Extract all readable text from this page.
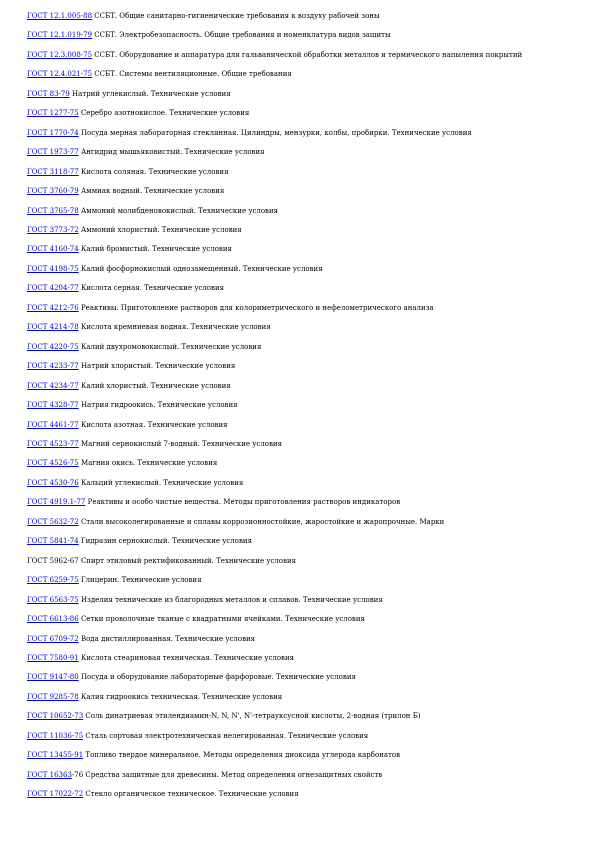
ГОСТ 12.1.005-88 ССБТ. Общие санитарно-гигиенические требования к воздуху рабочей зоны
ГОСТ 12.1.019-79 ССБТ. Электробезопасность. Общие требования и номенклатура видов защиты
ГОСТ 12.3.008-75 ССБТ. Оборудование и аппаратура для гальванической обработки металлов и термического напыления покрытий
ГОСТ 12.4.021-75 ССБТ. Системы вентиляционные. Общие требования
ГОСТ 83-79 Натрий углекислый. Технические условия
ГОСТ 1277-75 Серебро азотнокислое. Технические условия
ГОСТ 1770-74 Посуда мерная лабораторная стеклянная. Цилиндры, мензурки, колбы, пробирки. Технические условия
ГОСТ 1973-77 Ангидрид мышьяковистый. Технические условия
ГОСТ 3118-77 Кислота соляная. Технические условия
ГОСТ 3760-79 Аммиак водный. Технические условия
ГОСТ 3765-78 Аммоний молибденовокислый. Технические условия
ГОСТ 3773-72 Аммоний хлористый. Технические условия
ГОСТ 4160-74 Калий бромистый. Технические условия
ГОСТ 4198-75 Калий фосфорнокислый однозамещенный. Технические условия
ГОСТ 4204-77 Кислота серная. Технические условия
ГОСТ 4212-76 Реактивы. Приготовление растворов для колориметрического и нефелометрического анализа
ГОСТ 4214-78 Кислота кремниевая водная. Технические условия
ГОСТ 4220-75 Калий двухромовокислый. Технические условия
ГОСТ 4233-77 Натрий хлористый. Технические условия
ГОСТ 4234-77 Калий хлористый. Технические условия
ГОСТ 4328-77 Натрия гидроокись. Технические условия
ГОСТ 4461-77 Кислота азотная. Технические условия
ГОСТ 4523-77 Магний сернокислый 7-водный. Технические условия
ГОСТ 4526-75 Магния окись. Технические условия
ГОСТ 4530-76 Кальций углекислый. Технические условия
ГОСТ 4919.1-77 Реактивы и особо чистые вещества. Методы приготовления растворов индикаторов
ГОСТ 5632-72 Стали высоколегированные и сплавы коррозионностойкие, жаростойкие и жаропрочные. Марки
ГОСТ 5841-74 Гидразин сернокислый. Технические условия
ГОСТ 5962-67 Спирт этиловый ректификованный. Технические условия
ГОСТ 6259-75 Глицерин. Технические условия
ГОСТ 6563-75 Изделия технические из благородных металлов и сплавов. Технические условия
ГОСТ 6613-86 Сетки проволочные тканые с квадратными ячейками. Технические условия
ГОСТ 6709-72 Вода дистиллированная. Технические условия
ГОСТ 7580-91 Кислота стеариновая техническая. Технические условия
ГОСТ 9147-80 Посуда и оборудование лабораторные фарфоровые. Технические условия
ГОСТ 9285-78 Калия гидроокись техническая. Технические условия
ГОСТ 10652-73 Соль динатриевая этилендиамин-N, N, N', N'-тетрауксусной кислоты, 2-водная (трилон Б)
ГОСТ 11036-75 Сталь сортовая электротехническая нелегированная. Технические условия
ГОСТ 13455-91 Топливо твердое минеральное. Методы определения диоксида углерода карбонатов
ГОСТ 16363-76 Средства защитные для древесины. Метод определения огнезащитных свойств
ГОСТ 17022-72 Стекло органическое техническое. Технические условия
